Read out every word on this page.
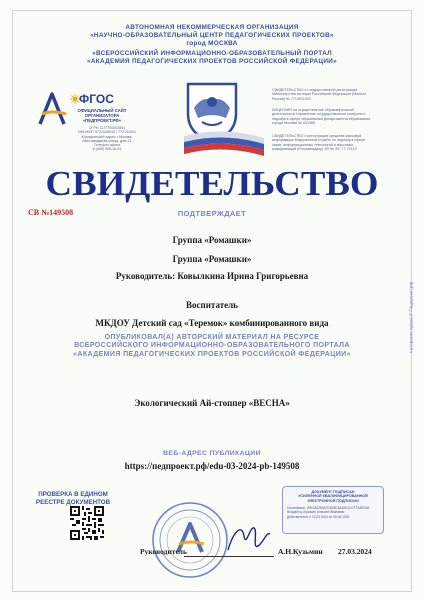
АВТОНОМНАЯ НЕКОММЕРЧЕСКАЯ ОРГАНИЗАЦИЯ
«НАУЧНО-ОБРАЗОВАТЕЛЬНЫЙ ЦЕНТР ПЕДАГОГИЧЕСКИХ ПРОЕКТОВ»
город МОСКВА
«ВСЕРОССИЙСКИЙ ИНФОРМАЦИОННО-ОБРАЗОВАТЕЛЬНЫЙ ПОРТАЛ
«АКАДЕМИЯ ПЕДАГОГИЧЕСКИХ ПРОЕКТОВ РОССИЙСКОЙ ФЕДЕРАЦИИ»
ФГОС
ОФИЦИАЛЬНЫЙ САЙТ
ОРГАНИЗАТОРА
«ПЕДПРОЕКТ.РФ»
ОГРН 1177700003851
ИНН/КПП 9721048016 / 772101001
Юридический адрес: г.Москва,
Автозаводская улица, дом 21
Телефон офиса
8 (495) 965-16-53
СВИДЕТЕЛЬСТВО о государственной регистрации Министерства юстиции Российской Федерации (Минюст России) № 7714011453
ЛИЦЕНЗИЯ на осуществление образовательной деятельности Управление государственного контроля и надзора в сфере образования Департамента образования города Москвы № 041985
СВИДЕТЕЛЬСТВО о регистрации средства массовой информации Федеральной службы по надзору в сфере связи, информационных технологий и массовых коммуникаций (Роскомнадзор) ЭЛ № ФС 77-72413
СВИДЕТЕЛЬСТВО
СВ №149508	ПОДТВЕРЖДАЕТ
Группа «Ромашки»
Группа «Ромашки»
Руководитель: Ковылкина Ирина Григорьевна
Воспитатель
МКДОУ Детский сад «Теремок» комбинированного вида
ОПУБЛИКОВАЛ(А) АВТОРСКИЙ МАТЕРИАЛ НА РЕСУРСЕ
ВСЕРОССИЙСКОГО ИНФОРМАЦИОННО-ОБРАЗОВАТЕЛЬНОГО ПОРТАЛА
«АКАДЕМИЯ ПЕДАГОГИЧЕСКИХ ПРОЕКТОВ РОССИЙСКОЙ ФЕДЕРАЦИИ»
Экологический Ай-стоппер «ВЕСНА»
ВЕБ-АДРЕС ПУБЛИКАЦИИ
https://педпроект.рф/edu-03-2024-pb-149508
ПРОВЕРКА В ЕДИНОМ
РЕЕСТРЕ ДОКУМЕНТОВ
Руководитель	А.Н.Кузьмин 27.03.2024
ДОКУМЕНТ ПОДПИСАН
УСИЛЕННОЙ КВАЛИФИЦИРОВАННОЙ
ЭЛЕКТРОННОЙ ПОДПИСЬЮ
Сертификат: 00E1A0280A7C6E8D3A1B01CCF7A3ED48
Владелец: Кузьмин Алексей Иванович
Действителен: с 12.03.2024 по 05.06.2025
Авторские права © Педпроект.рф
